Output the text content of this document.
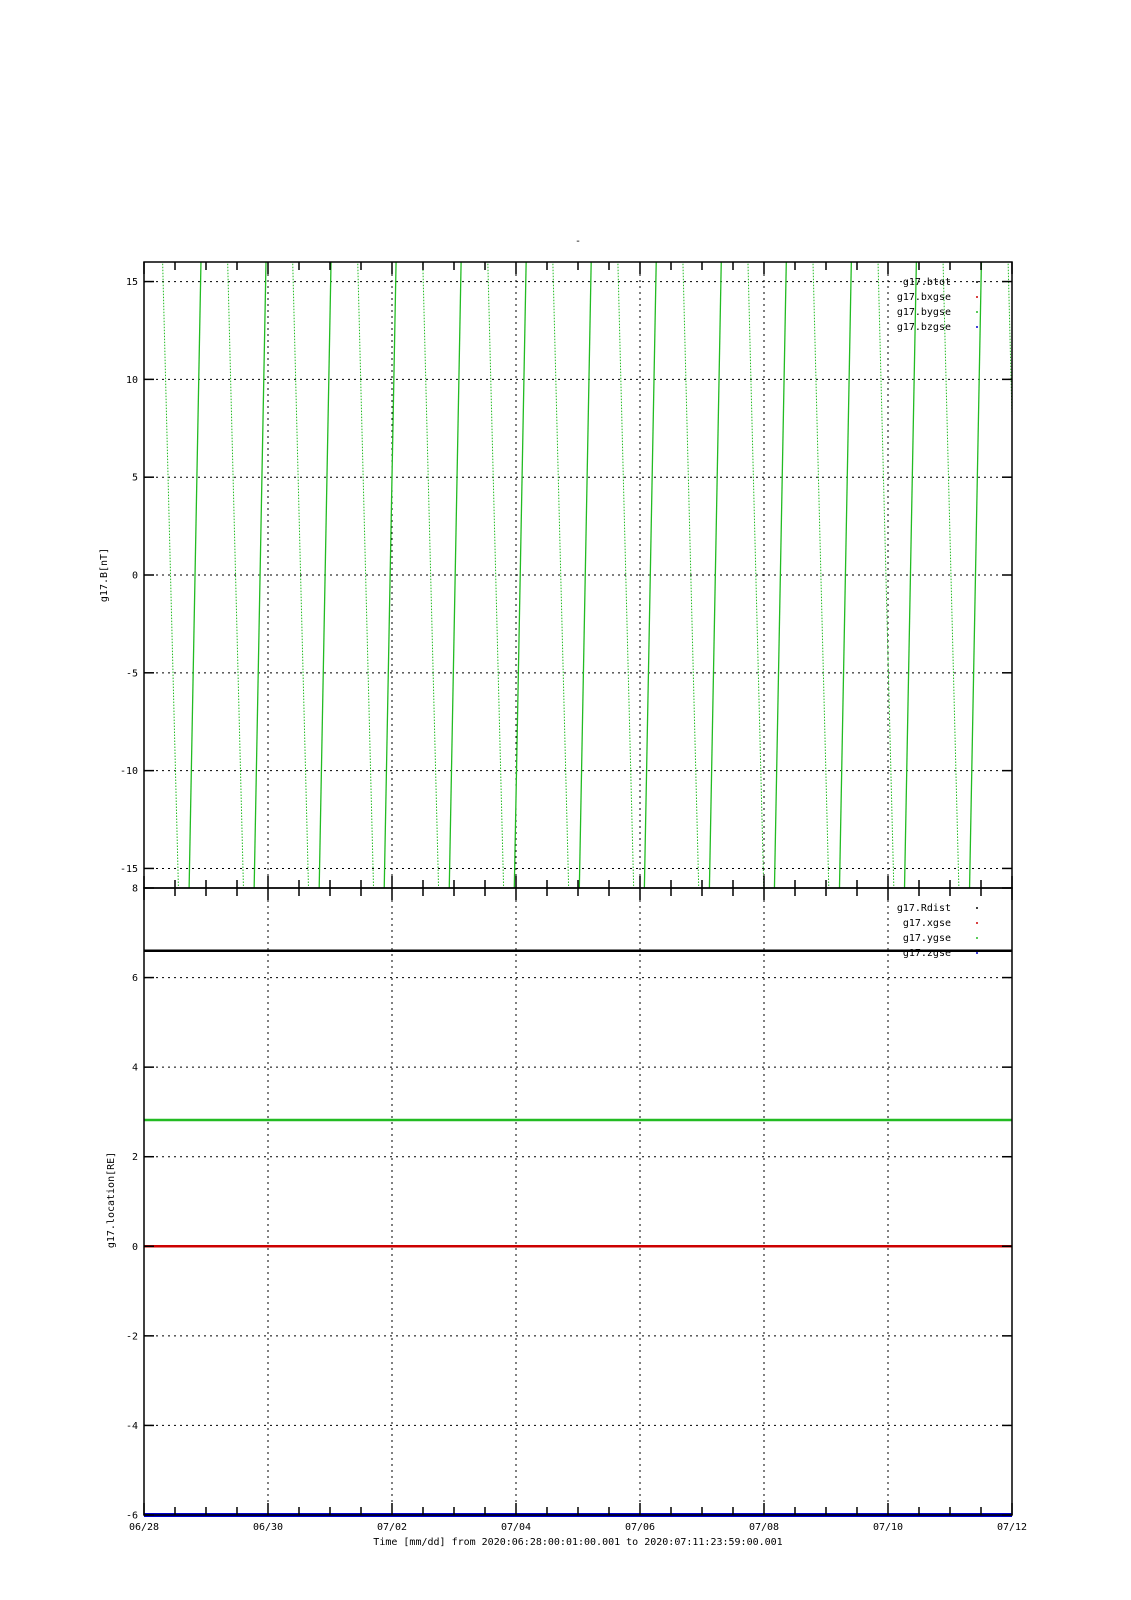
-
15
10
5
0
-5
-10
-15
g17.B[nT]
g17.btot
g17.bxgse
g17.bygse
g17.bzgse
8
6
4
2
0
-2
-4
-6
06/28	06/30	07/02	07/04	07/06	07/08	07/10	07/12
g17.location[RE]
g17.Rdist
g17.xgse
g17.ygse
g17.zgse
Time [mm/dd] from 2020:06:28:00:01:00.001 to 2020:07:11:23:59:00.001
